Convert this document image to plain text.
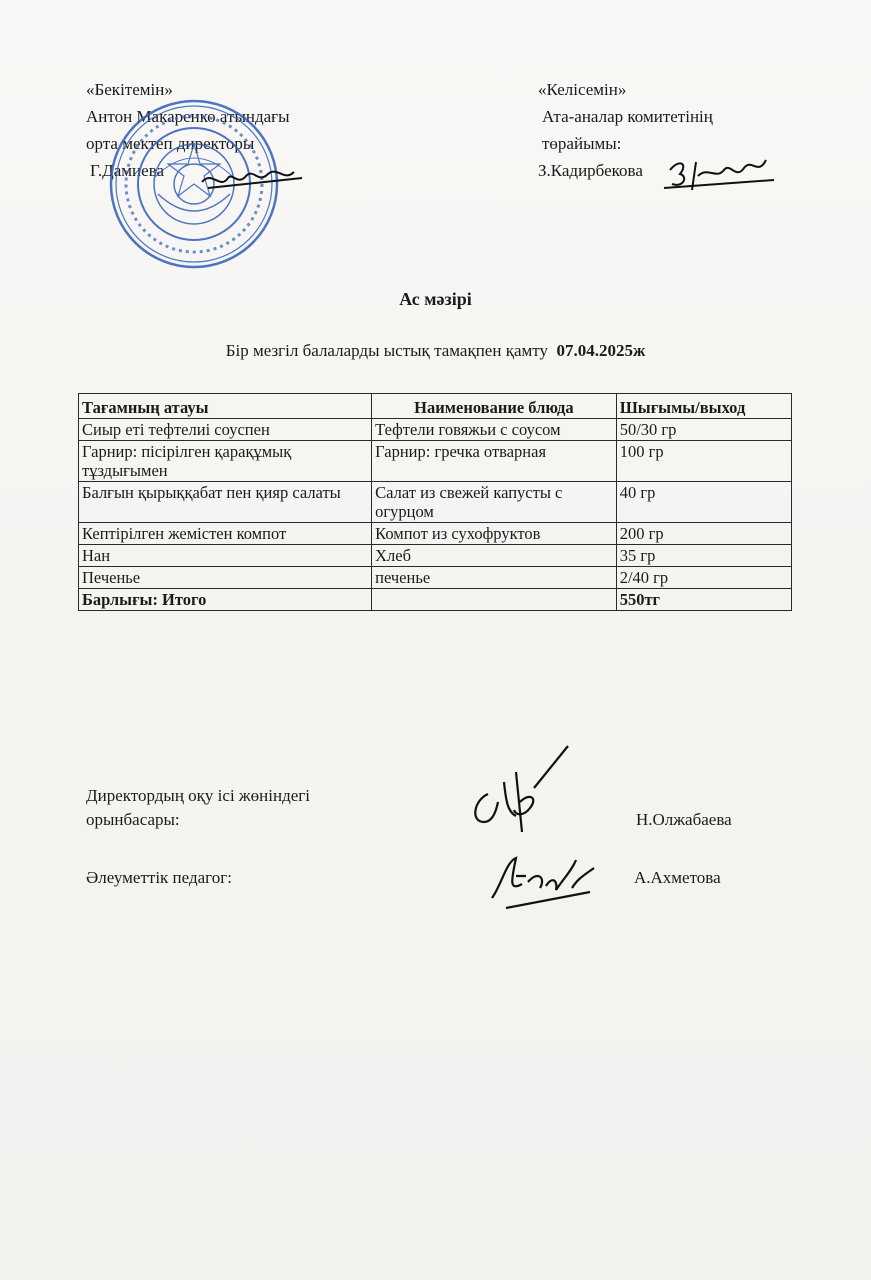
«Бекітемін»
Антон Макаренко атындағы
орта мектеп директоры
Г.Дамиева
«Келісемін»
Ата-аналар комитетінің
төрайымы:
З.Кадирбекова
Ас мәзірі
Бір мезгіл балаларды ыстық тамақпен қамту 07.04.2025ж
Тағамның атауы	Наименование блюда	Шығымы/выход
Сиыр еті тефтелиі соуспен	Тефтели говяжьи с соусом	50/30 гр
Гарнир: пісірілген қарақұмық тұздығымен	Гарнир: гречка отварная	100 гр
Балғын қырыққабат пен қияр салаты	Салат из свежей капусты с огурцом	40 гр
Кептірілген жемістен компот	Компот из сухофруктов	200 гр
Нан	Хлеб	35 гр
Печенье	печенье	2/40 гр
Барлығы: Итого		550тг
Директордың оқу ісі жөніндегі
орынбасары:	Н.Олжабаева
Әлеуметтік педагог:	А.Ахметова
